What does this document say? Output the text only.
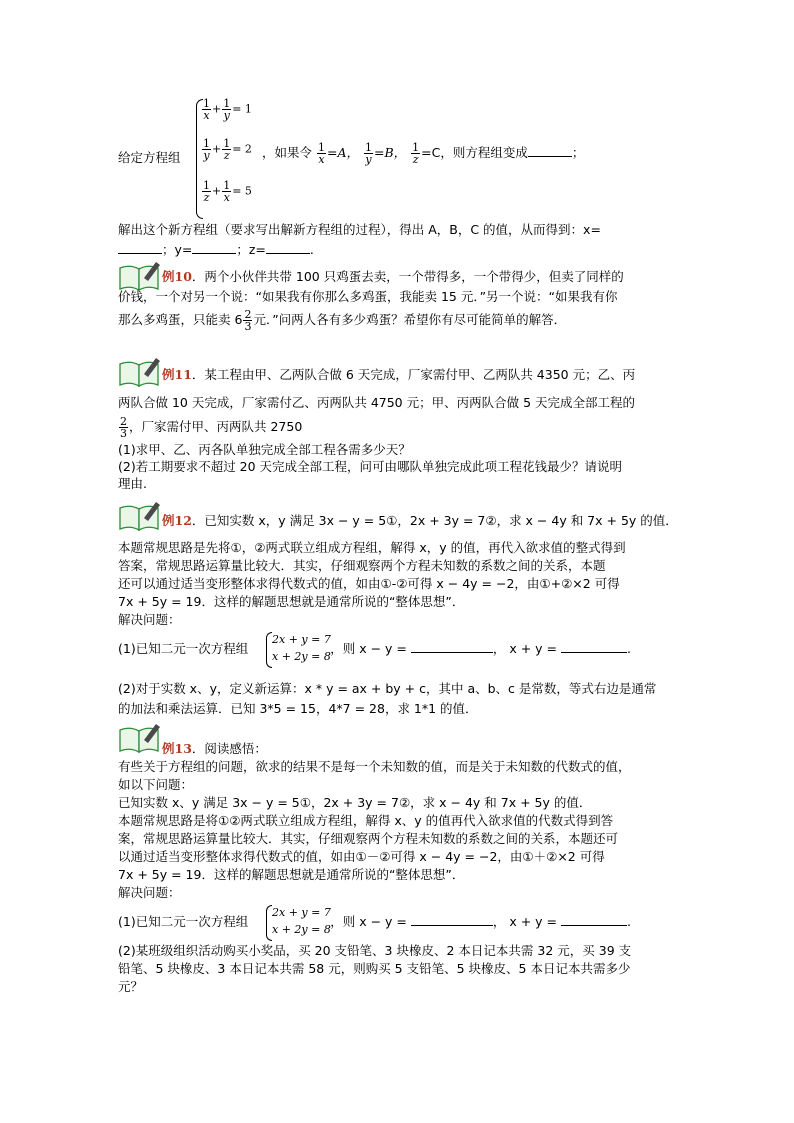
$\frac{1}{x} + \frac{1}{y} = 1$
$\frac{1}{y} + \frac{1}{z} = 2$
$\frac{1}{z} + \frac{1}{x} = 5$
给定方程组	，如果令 $\frac{1}{x} =A$， $\frac{1}{y} =B$， $\frac{1}{z} =C$，则方程组变成	；
解出这个新方程组（要求写出解新方程组的过程），得出 A，B，C 的值，从而得到：x=
；y=	；z=	.
例10．两个小伙伴共带 100 只鸡蛋去卖，一个带得多，一个带得少，但卖了同样的
价钱，一个对另一个说：“如果我有你那么多鸡蛋，我能卖 15 元．”另一个说：“如果我有你
那么多鸡蛋，只能卖 $6 \frac{2}{3}$ 元．”问两人各有多少鸡蛋？希望你有尽可能简单的解答．
例11．某工程由甲、乙两队合做 6 天完成，厂家需付甲、乙两队共 4350 元；乙、丙
两队合做 10 天完成，厂家需付乙、丙两队共 4750 元；甲、丙两队合做 5 天完成全部工程的
$\frac{2}{3}$ ，厂家需付甲、丙两队共 2750
(1)求甲、乙、丙各队单独完成全部工程各需多少天？
(2)若工期要求不超过 20 天完成全部工程，问可由哪队单独完成此项工程花钱最少？请说明
理由.
例12．已知实数 x，y 满足 3x − y = 5①，2x + 3y = 7②，求 x − 4y 和 7x + 5y 的值．
本题常规思路是先将①，②两式联立组成方程组，解得 x，y 的值，再代入欲求值的整式得到
答案，常规思路运算量比较大．其实，仔细观察两个方程未知数的系数之间的关系，本题
还可以通过适当变形整体求得代数式的值，如由①-②可得 x − 4y = −2，由①+②×2 可得
7x + 5y = 19．这样的解题思想就是通常所说的“整体思想”．
解决问题：
(1)已知二元一次方程组	，则 x − y =	， x + y =	.
2x + y = 7
x + 2y = 8
(2)对于实数 x、y，定义新运算：x * y = ax + by + c，其中 a、b、c 是常数，等式右边是通常
的加法和乘法运算．已知 3*5 = 15，4*7 = 28，求 1*1 的值．
例13．阅读感悟：
有些关于方程组的问题，欲求的结果不是每一个未知数的值，而是关于未知数的代数式的值，
如以下问题：
已知实数 x、y 满足 3x − y = 5①，2x + 3y = 7②，求 x − 4y 和 7x + 5y 的值．
本题常规思路是将①②两式联立组成方程组，解得 x、y 的值再代入欲求值的代数式得到答
案，常规思路运算量比较大．其实，仔细观察两个方程未知数的系数之间的关系，本题还可
以通过适当变形整体求得代数式的值，如由①－②可得 x − 4y = −2，由①＋②×2 可得
7x + 5y = 19．这样的解题思想就是通常所说的“整体思想”．
解决问题：
(1)已知二元一次方程组	，则 x − y =	， x + y =	.
2x + y = 7
x + 2y = 8
(2)某班级组织活动购买小奖品，买 20 支铅笔、3 块橡皮、2 本日记本共需 32 元，买 39 支
铅笔、5 块橡皮、3 本日记本共需 58 元，则购买 5 支铅笔、5 块橡皮、5 本日记本共需多少
元？
